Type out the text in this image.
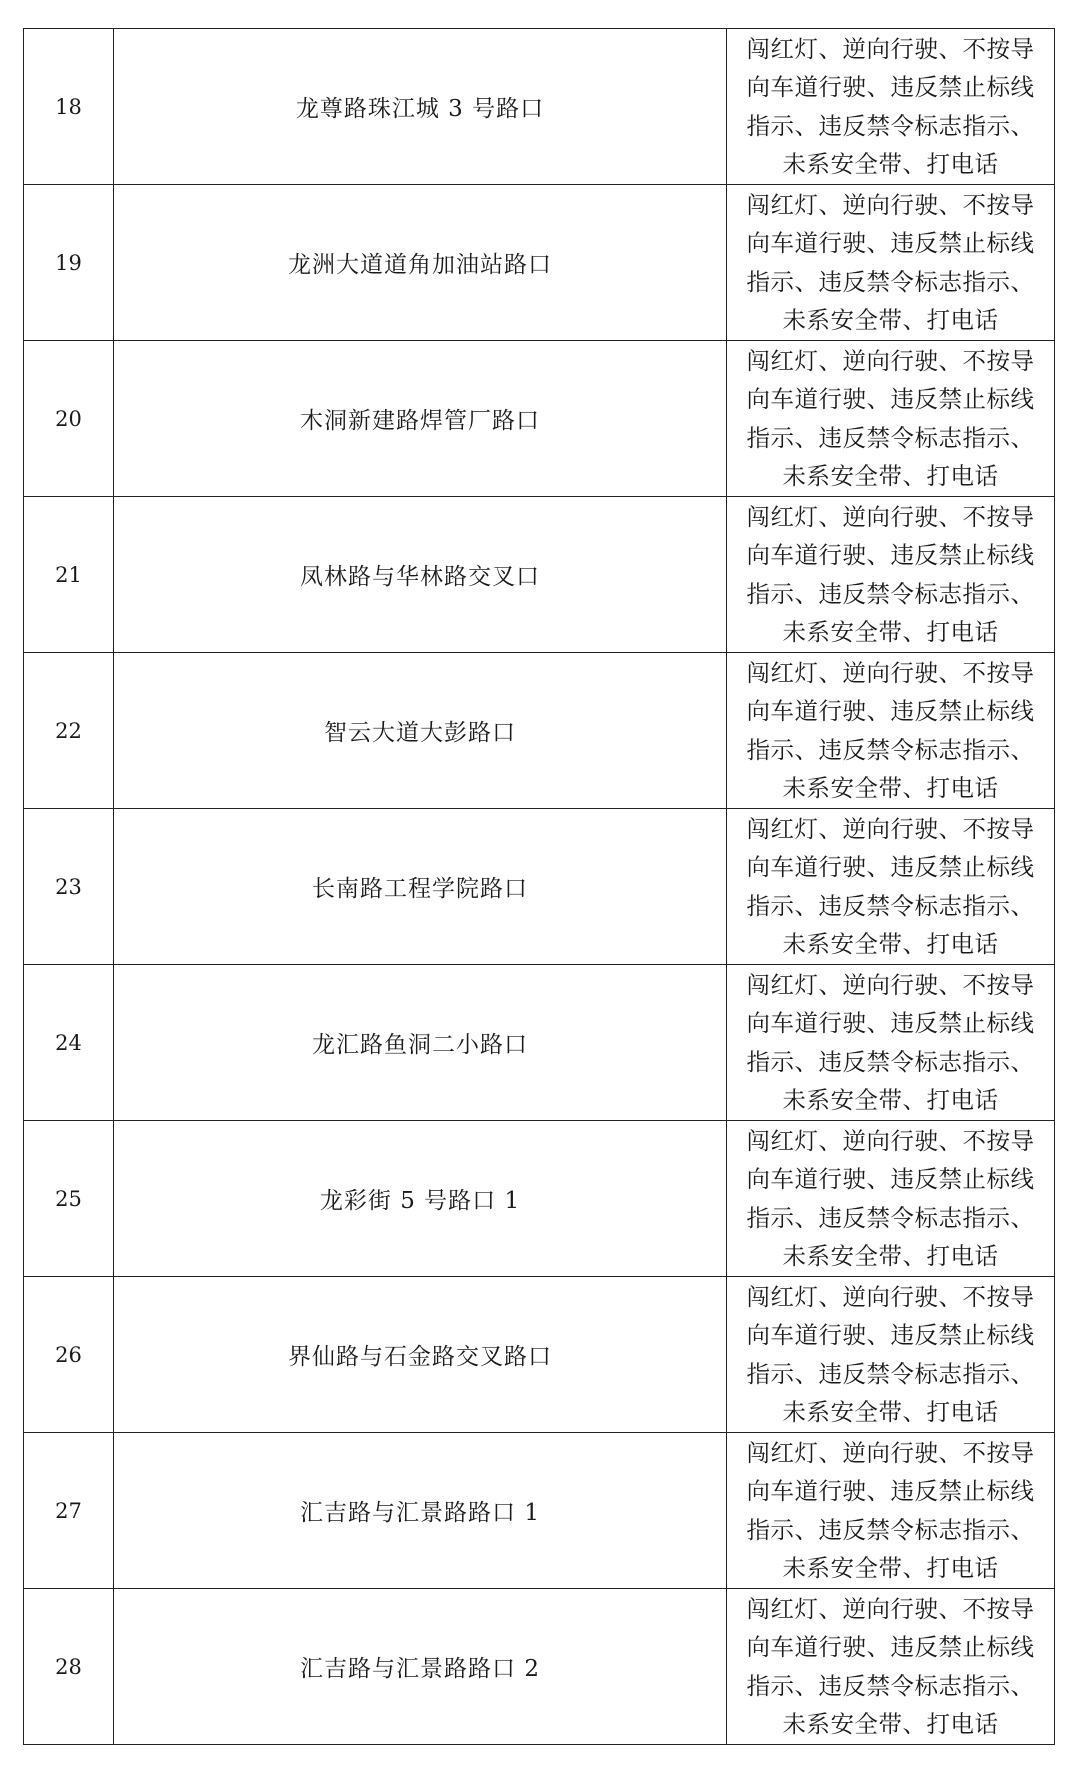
18	龙尊路珠江城 3 号路口	闯红灯、逆向行驶、不按导
向车道行驶、违反禁止标线
指示、违反禁令标志指示、
未系安全带、打电话
19	龙洲大道道角加油站路口	闯红灯、逆向行驶、不按导
向车道行驶、违反禁止标线
指示、违反禁令标志指示、
未系安全带、打电话
20	木洞新建路焊管厂路口	闯红灯、逆向行驶、不按导
向车道行驶、违反禁止标线
指示、违反禁令标志指示、
未系安全带、打电话
21	凤林路与华林路交叉口	闯红灯、逆向行驶、不按导
向车道行驶、违反禁止标线
指示、违反禁令标志指示、
未系安全带、打电话
22	智云大道大彭路口	闯红灯、逆向行驶、不按导
向车道行驶、违反禁止标线
指示、违反禁令标志指示、
未系安全带、打电话
23	长南路工程学院路口	闯红灯、逆向行驶、不按导
向车道行驶、违反禁止标线
指示、违反禁令标志指示、
未系安全带、打电话
24	龙汇路鱼洞二小路口	闯红灯、逆向行驶、不按导
向车道行驶、违反禁止标线
指示、违反禁令标志指示、
未系安全带、打电话
25	龙彩街 5 号路口 1	闯红灯、逆向行驶、不按导
向车道行驶、违反禁止标线
指示、违反禁令标志指示、
未系安全带、打电话
26	界仙路与石金路交叉路口	闯红灯、逆向行驶、不按导
向车道行驶、违反禁止标线
指示、违反禁令标志指示、
未系安全带、打电话
27	汇吉路与汇景路路口 1	闯红灯、逆向行驶、不按导
向车道行驶、违反禁止标线
指示、违反禁令标志指示、
未系安全带、打电话
28	汇吉路与汇景路路口 2	闯红灯、逆向行驶、不按导
向车道行驶、违反禁止标线
指示、违反禁令标志指示、
未系安全带、打电话
